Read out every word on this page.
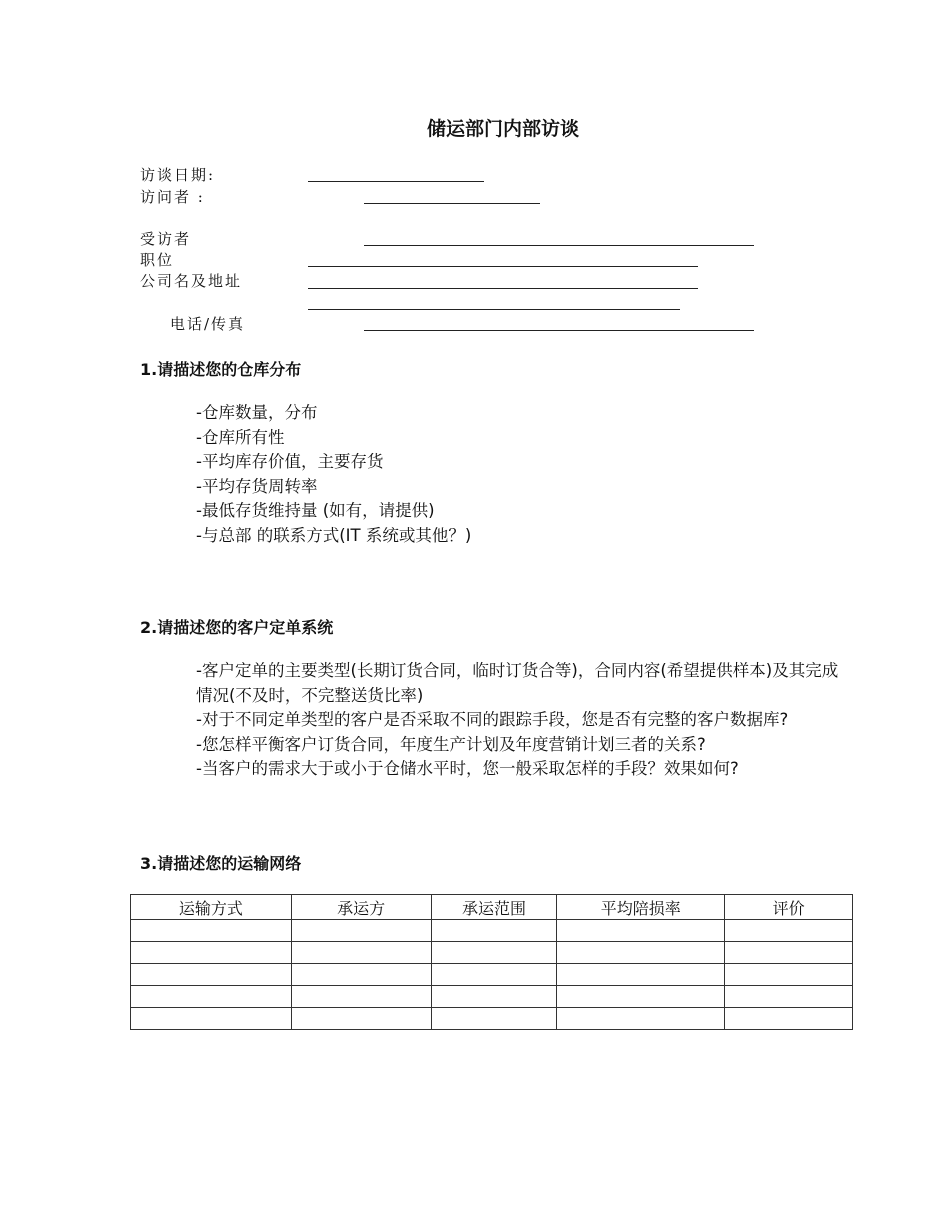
储运部门内部访谈
访谈日期:
访问者 :
受访者
职位
公司名及地址
电话/传真
1.请描述您的仓库分布
-仓库数量，分布
-仓库所有性
-平均库存价值，主要存货
-平均存货周转率
-最低存货维持量 (如有，请提供)
-与总部 的联系方式(IT 系统或其他？)
2.请描述您的客户定单系统
-客户定单的主要类型(长期订货合同，临时订货合等)，合同内容(希望提供样本)及其完成情况(不及时，不完整送货比率)
-对于不同定单类型的客户是否采取不同的跟踪手段，您是否有完整的客户数据库?
-您怎样平衡客户订货合同，年度生产计划及年度营销计划三者的关系?
-当客户的需求大于或小于仓储水平时，您一般采取怎样的手段？效果如何?
3.请描述您的运输网络
运输方式	承运方	承运范围	平均陪损率	评价
